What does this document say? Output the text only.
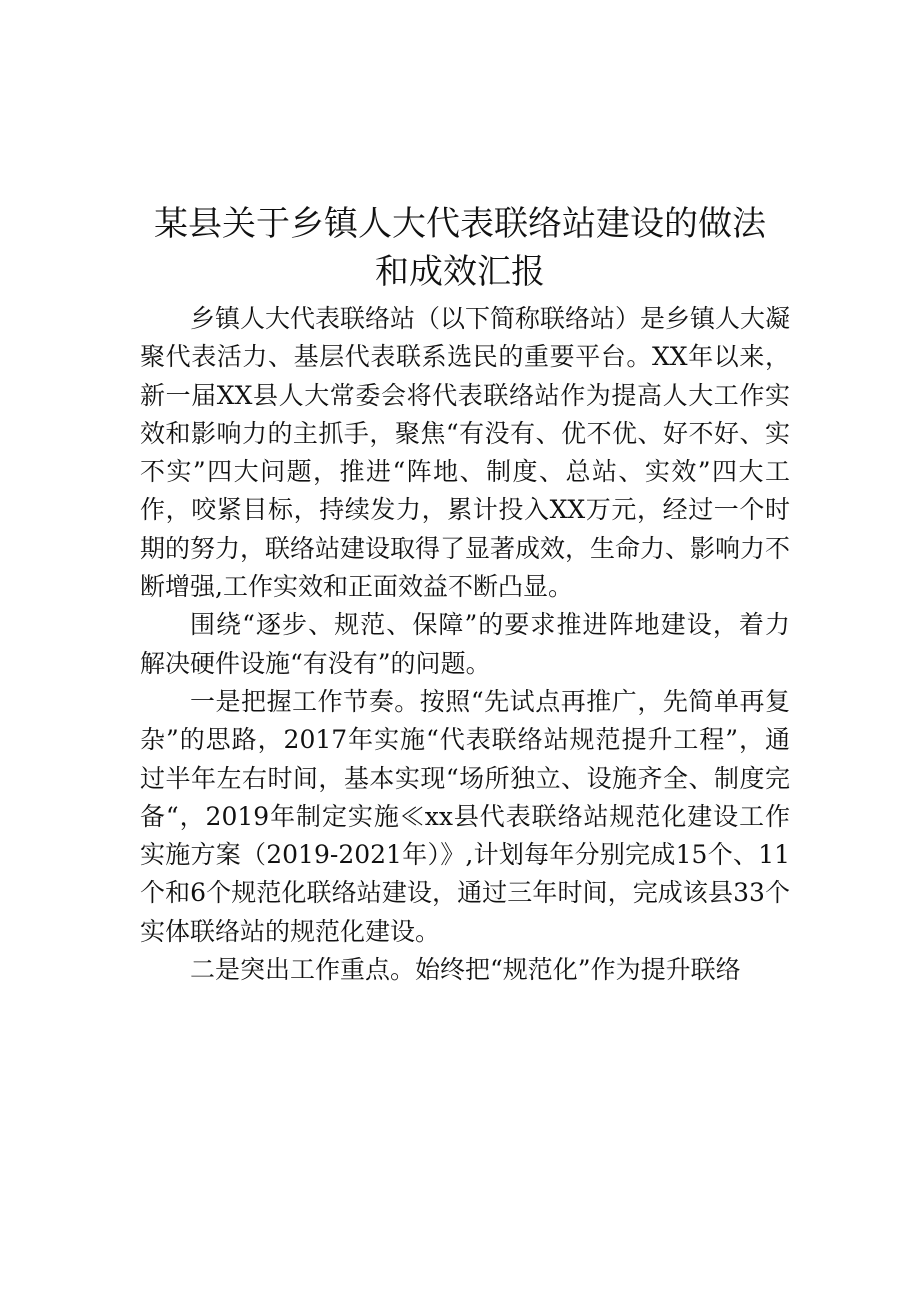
某县关于乡镇人大代表联络站建设的做法
和成效汇报

乡镇人大代表联络站（以下简称联络站）是乡镇人大凝聚代表活力、基层代表联系选民的重要平台。XX年以来，新一届XX县人大常委会将代表联络站作为提高人大工作实效和影响力的主抓手，聚焦“有没有、优不优、好不好、实不实”四大问题，推进“阵地、制度、总站、实效”四大工作，咬紧目标，持续发力，累计投入XX万元，经过一个时期的努力，联络站建设取得了显著成效，生命力、影响力不断增强,工作实效和正面效益不断凸显。

围绕“逐步、规范、保障”的要求推进阵地建设，着力解决硬件设施“有没有”的问题。

一是把握工作节奏。按照“先试点再推广，先简单再复杂”的思路，2017年实施“代表联络站规范提升工程”，通过半年左右时间，基本实现“场所独立、设施齐全、制度完备“，2019年制定实施≪xx县代表联络站规范化建设工作实施方案（2019-2021年）》,计划每年分别完成15个、11个和6个规范化联络站建设，通过三年时间，完成该县33个实体联络站的规范化建设。

二是突出工作重点。始终把“规范化”作为提升联络
